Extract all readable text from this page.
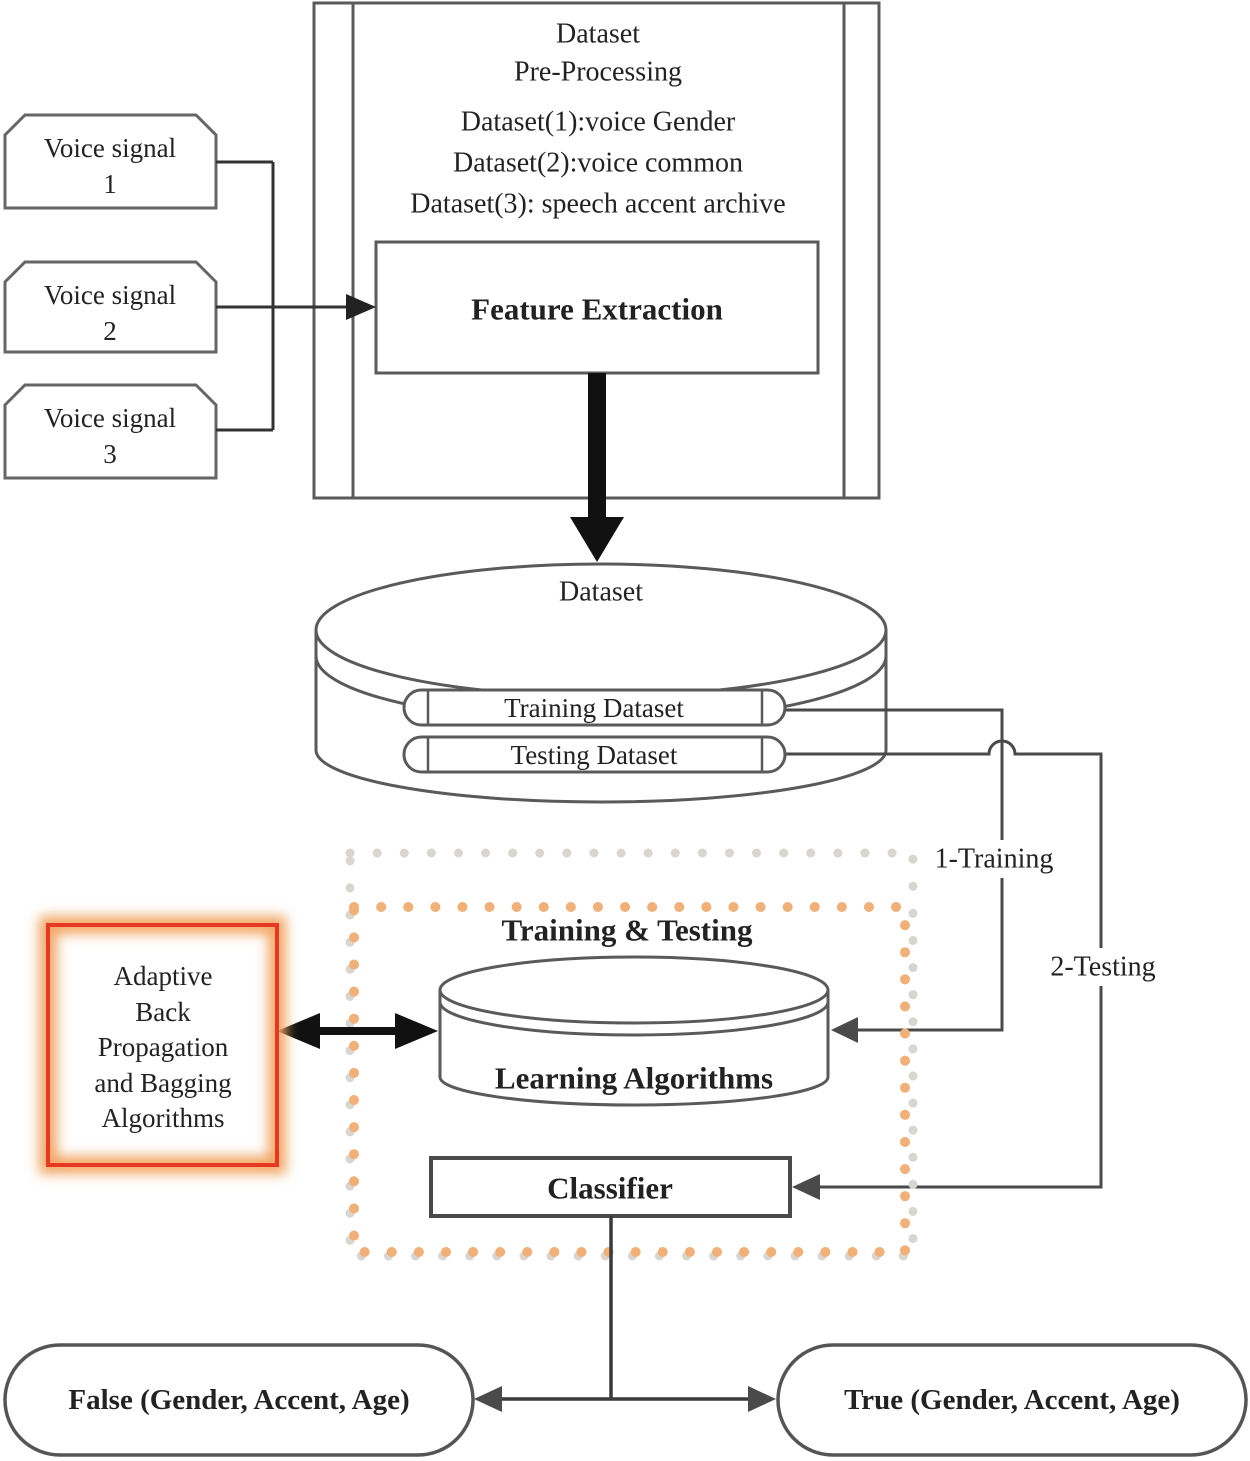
Dataset
Pre-Processing
Dataset(1):voice Gender
Dataset(2):voice common
Dataset(3): speech accent archive
Feature Extraction
Voice signal
1
Voice signal
2
Voice signal
3
Dataset
Training Dataset
Testing Dataset
1-Training
2-Testing
Training & Testing
Learning Algorithms
Adaptive
Back
Propagation
and Bagging
Algorithms
Classifier
False (Gender, Accent, Age)	True (Gender, Accent, Age)
